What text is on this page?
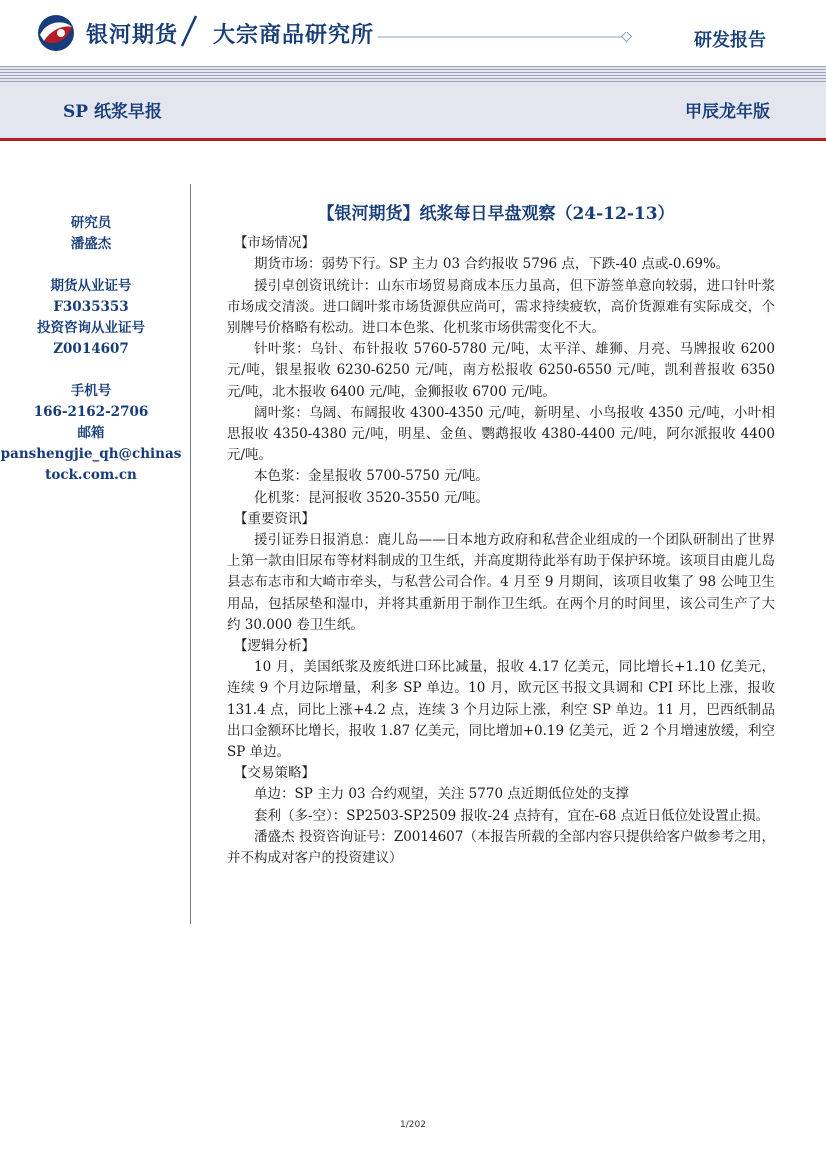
银河期货 大宗商品研究所	研发报告
SP 纸浆早报	甲辰龙年版
研究员
潘盛杰
期货从业证号
F3035353
投资咨询从业证号
Z0014607
手机号
166-2162-2706
邮箱
panshengjie_qh@chinastock.com.cn
【银河期货】纸浆每日早盘观察（24-12-13）
【市场情况】
期货市场：弱势下行。SP 主力 03 合约报收 5796 点，下跌-40 点或-0.69%。
援引卓创资讯统计：山东市场贸易商成本压力虽高，但下游签单意向较弱，进口针叶浆市场成交清淡。进口阔叶浆市场货源供应尚可，需求持续疲软，高价货源难有实际成交，个别牌号价格略有松动。进口本色浆、化机浆市场供需变化不大。
针叶浆：乌针、布针报收 5760-5780 元/吨，太平洋、雄狮、月亮、马牌报收 6200 元/吨，银星报收 6230-6250 元/吨，南方松报收 6250-6550 元/吨，凯利普报收 6350 元/吨，北木报收 6400 元/吨，金狮报收 6700 元/吨。
阔叶浆：乌阔、布阔报收 4300-4350 元/吨，新明星、小鸟报收 4350 元/吨，小叶相思报收 4350-4380 元/吨，明星、金鱼、鹦鹉报收 4380-4400 元/吨，阿尔派报收 4400 元/吨。
本色浆：金星报收 5700-5750 元/吨。
化机浆：昆河报收 3520-3550 元/吨。
【重要资讯】
援引证券日报消息：鹿儿岛——日本地方政府和私营企业组成的一个团队研制出了世界上第一款由旧尿布等材料制成的卫生纸，并高度期待此举有助于保护环境。该项目由鹿儿岛县志布志市和大崎市牵头，与私营公司合作。4 月至 9 月期间，该项目收集了 98 公吨卫生用品，包括尿垫和湿巾，并将其重新用于制作卫生纸。在两个月的时间里，该公司生产了大约 30.000 卷卫生纸。
【逻辑分析】
10 月，美国纸浆及废纸进口环比减量，报收 4.17 亿美元，同比增长+1.10 亿美元，连续 9 个月边际增量，利多 SP 单边。10 月，欧元区书报文具调和 CPI 环比上涨，报收 131.4 点，同比上涨+4.2 点，连续 3 个月边际上涨，利空 SP 单边。11 月，巴西纸制品出口金额环比增长，报收 1.87 亿美元，同比增加+0.19 亿美元，近 2 个月增速放缓，利空 SP 单边。
【交易策略】
单边：SP 主力 03 合约观望，关注 5770 点近期低位处的支撑
套利（多-空）：SP2503-SP2509 报收-24 点持有，宜在-68 点近日低位处设置止损。
潘盛杰 投资咨询证号：Z0014607（本报告所载的全部内容只提供给客户做参考之用，并不构成对客户的投资建议）
1/202
